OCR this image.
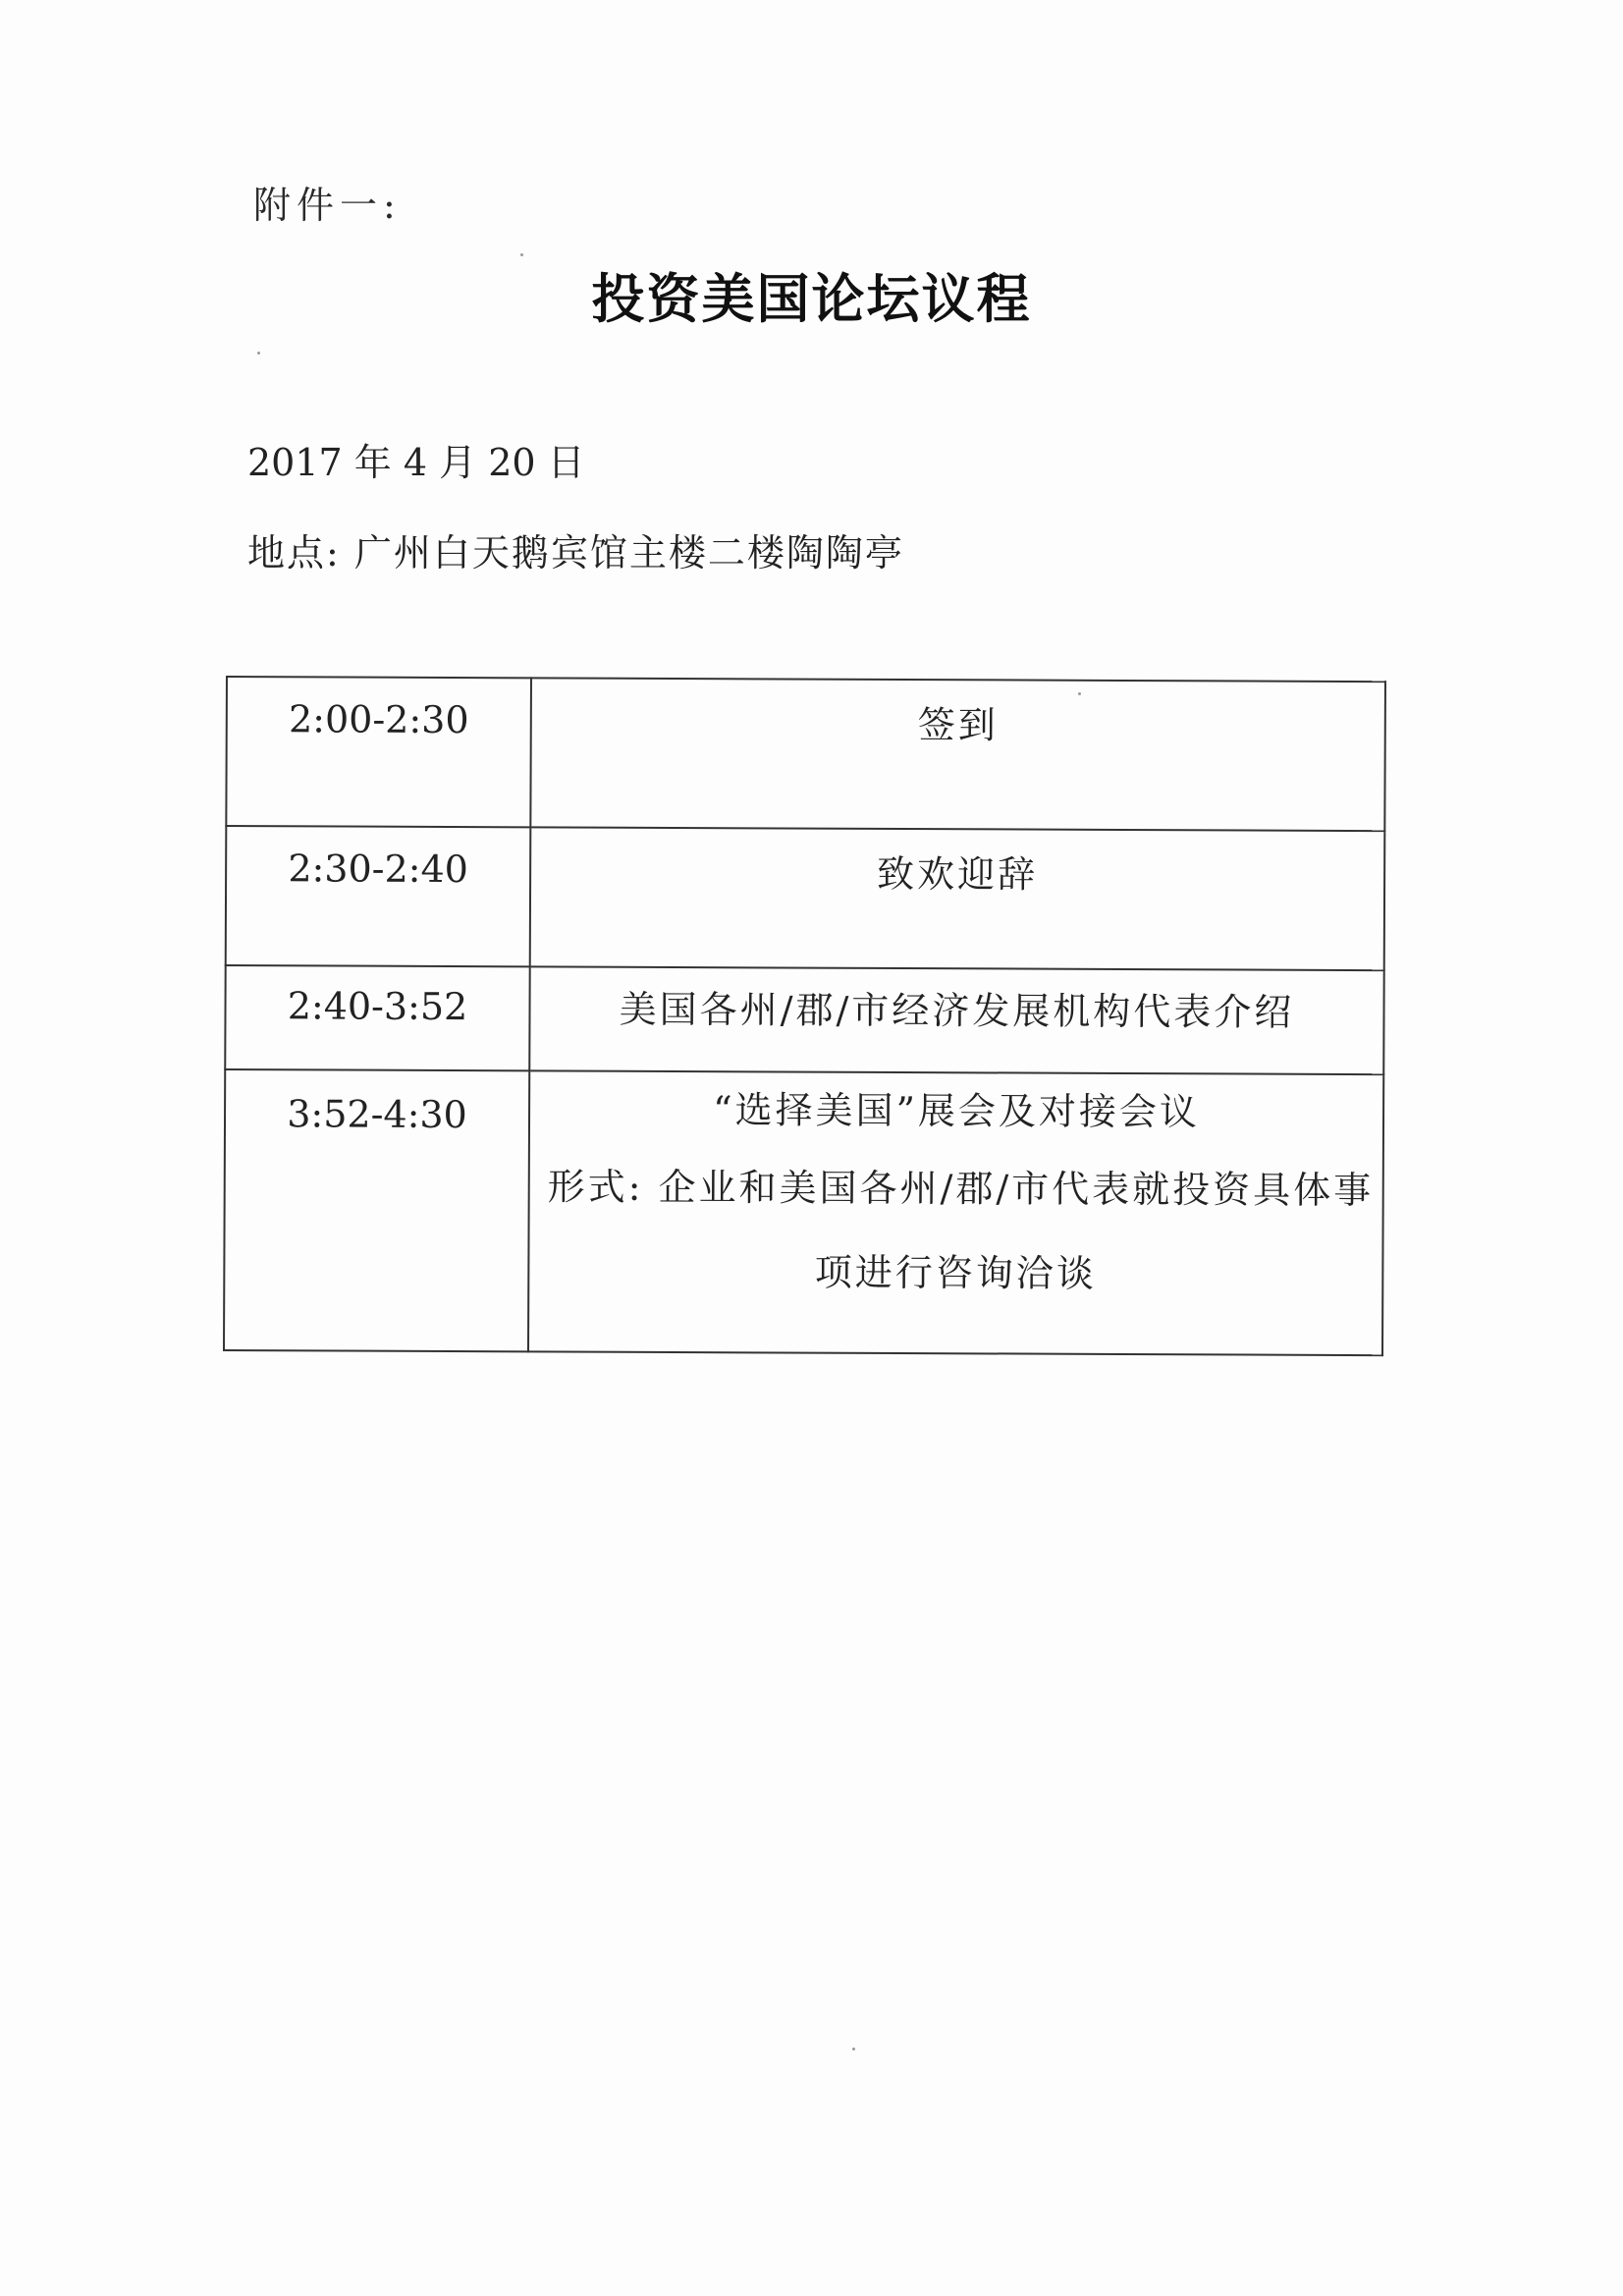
附件一:
投资美国论坛议程
2017 年 4 月 20 日
地点: 广州白天鹅宾馆主楼二楼陶陶亭
2:00-2:30	签到

2:30-2:40	致欢迎辞

2:40-3:52	美国各州/郡/市经济发展机构代表介绍

3:52-4:30	“选择美国”展会及对接会议
形式: 企业和美国各州/郡/市代表就投资具体事
项进行咨询洽谈
